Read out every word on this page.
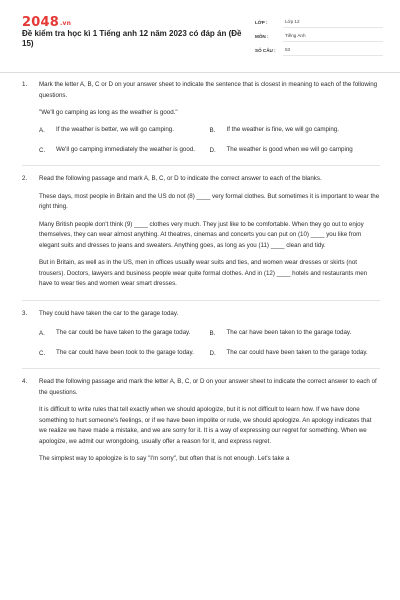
2048.vn
Đề kiểm tra học kì 1 Tiếng anh 12 năm 2023 có đáp án (Đề 15)
LỚP :	Lớp 12
MÔN :	Tiếng Anh
SỐ CÂU :	53
1. Mark the letter A, B, C or D on your answer sheet to indicate the sentence that is closest in meaning to each of the following questions.
"We'll go camping as long as the weather is good."
A.	If the weather is better, we will go camping.	B.	If the weather is fine, we will go camping.
C.	We'll go camping immediately the weather is good.	D.	The weather is good when we will go camping
2. Read the following passage and mark A, B, C, or D to indicate the correct answer to each of the blanks.

These days, most people in Britain and the US do not (8) ____ very formal clothes. But sometimes it is important to wear the right thing.

Many British people don't think (9) ____ clothes very much. They just like to be comfortable. When they go out to enjoy themselves, they can wear almost anything. At theatres, cinemas and concerts you can put on (10) ____ you like from elegant suits and dresses to jeans and sweaters. Anything goes, as long as you (11) ____ clean and tidy.

But in Britain, as well as in the US, men in offices usually wear suits and ties, and women wear dresses or skirts (not trousers). Doctors, lawyers and business people wear quite formal clothes. And in (12) ____ hotels and restaurants men have to wear ties and women wear smart dresses.

3. They could have taken the car to the garage today.
A.	The car could be have taken to the garage today.	B.	The car have been taken to the garage today.
C.	The car could have been took to the garage today.	D.	The car could have been taken to the garage today.
4. Read the following passage and mark the letter A, B, C, or D on your answer sheet to indicate the correct answer to each of the questions.

It is difficult to write rules that tell exactly when we should apologize, but it is not difficult to learn how. If we have done something to hurt someone's feelings, or if we have been impolite or rude, we should apologize. An apology indicates that we realize we have made a mistake, and we are sorry for it. It is a way of expressing our regret for something. When we apologize, we admit our wrongdoing, usually offer a reason for it, and express regret.

The simplest way to apologize is to say "I'm sorry", but often that is not enough. Let's take a
